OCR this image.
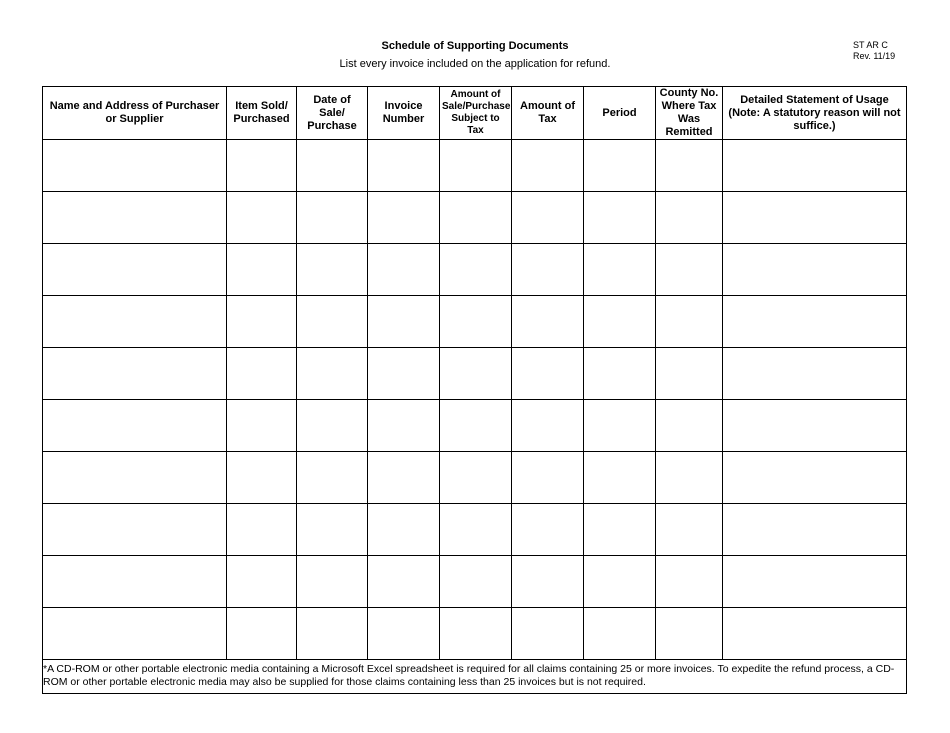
Schedule of Supporting Documents
List every invoice included on the application for refund.
ST AR C
Rev. 11/19
Name and Address of Purchaser or Supplier	Item Sold/ Purchased	Date of Sale/ Purchase	Invoice Number	Amount of Sale/Purchase Subject to Tax	Amount of Tax	Period	County No. Where Tax Was Remitted	Detailed Statement of Usage (Note: A statutory reason will not suffice.)

*A CD-ROM or other portable electronic media containing a Microsoft Excel spreadsheet is required for all claims containing 25 or more invoices. To expedite the refund process, a CD-ROM or other portable electronic media may also be supplied for those claims containing less than 25 invoices but is not required.								
